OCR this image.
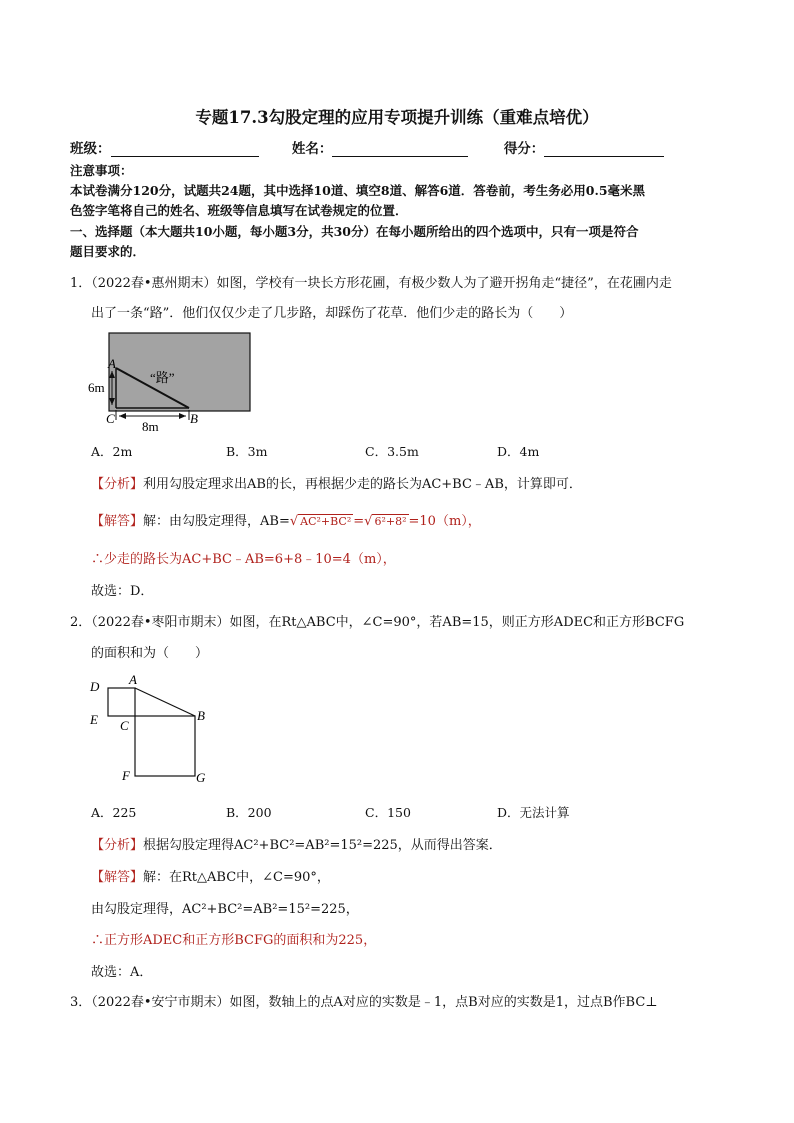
专题17.3勾股定理的应用专项提升训练（重难点培优）
班级：	姓名：	得分：
注意事项：
本试卷满分120分，试题共24题，其中选择10道、填空8道、解答6道．答卷前，考生务必用0.5毫米黑
色签字笔将自己的姓名、班级等信息填写在试卷规定的位置．
一、选择题（本大题共10小题，每小题3分，共30分）在每小题所给出的四个选项中，只有一项是符合
题目要求的．
1．（2022春•惠州期末）如图，学校有一块长方形花圃，有极少数人为了避开拐角走“捷径”，在花圃内走
出了一条“路”．他们仅仅少走了几步路，却踩伤了花草．他们少走的路长为（　　）
A
C	B
6m
8m
“路”
A．2m	B．3m	C．3.5m	D．4m
【分析】利用勾股定理求出AB的长，再根据少走的路长为AC+BC﹣AB，计算即可．
【解答】解：由勾股定理得，AB=√ AC²+BC² =√ 6²+8² =10（m），
∴少走的路长为AC+BC﹣AB=6+8﹣10=4（m），
故选：D．
2．（2022春•枣阳市期末）如图，在Rt△ABC中，∠C=90°，若AB=15，则正方形ADEC和正方形BCFG
的面积和为（　　）
D A
E C
B
F	G
A．225	B．200	C．150	D．无法计算
【分析】根据勾股定理得AC²+BC²=AB²=15²=225，从而得出答案．
【解答】解：在Rt△ABC中，∠C=90°，
由勾股定理得，AC²+BC²=AB²=15²=225，
∴正方形ADEC和正方形BCFG的面积和为225，
故选：A．
3．（2022春•安宁市期末）如图，数轴上的点A对应的实数是﹣1，点B对应的实数是1，过点B作BC⊥
